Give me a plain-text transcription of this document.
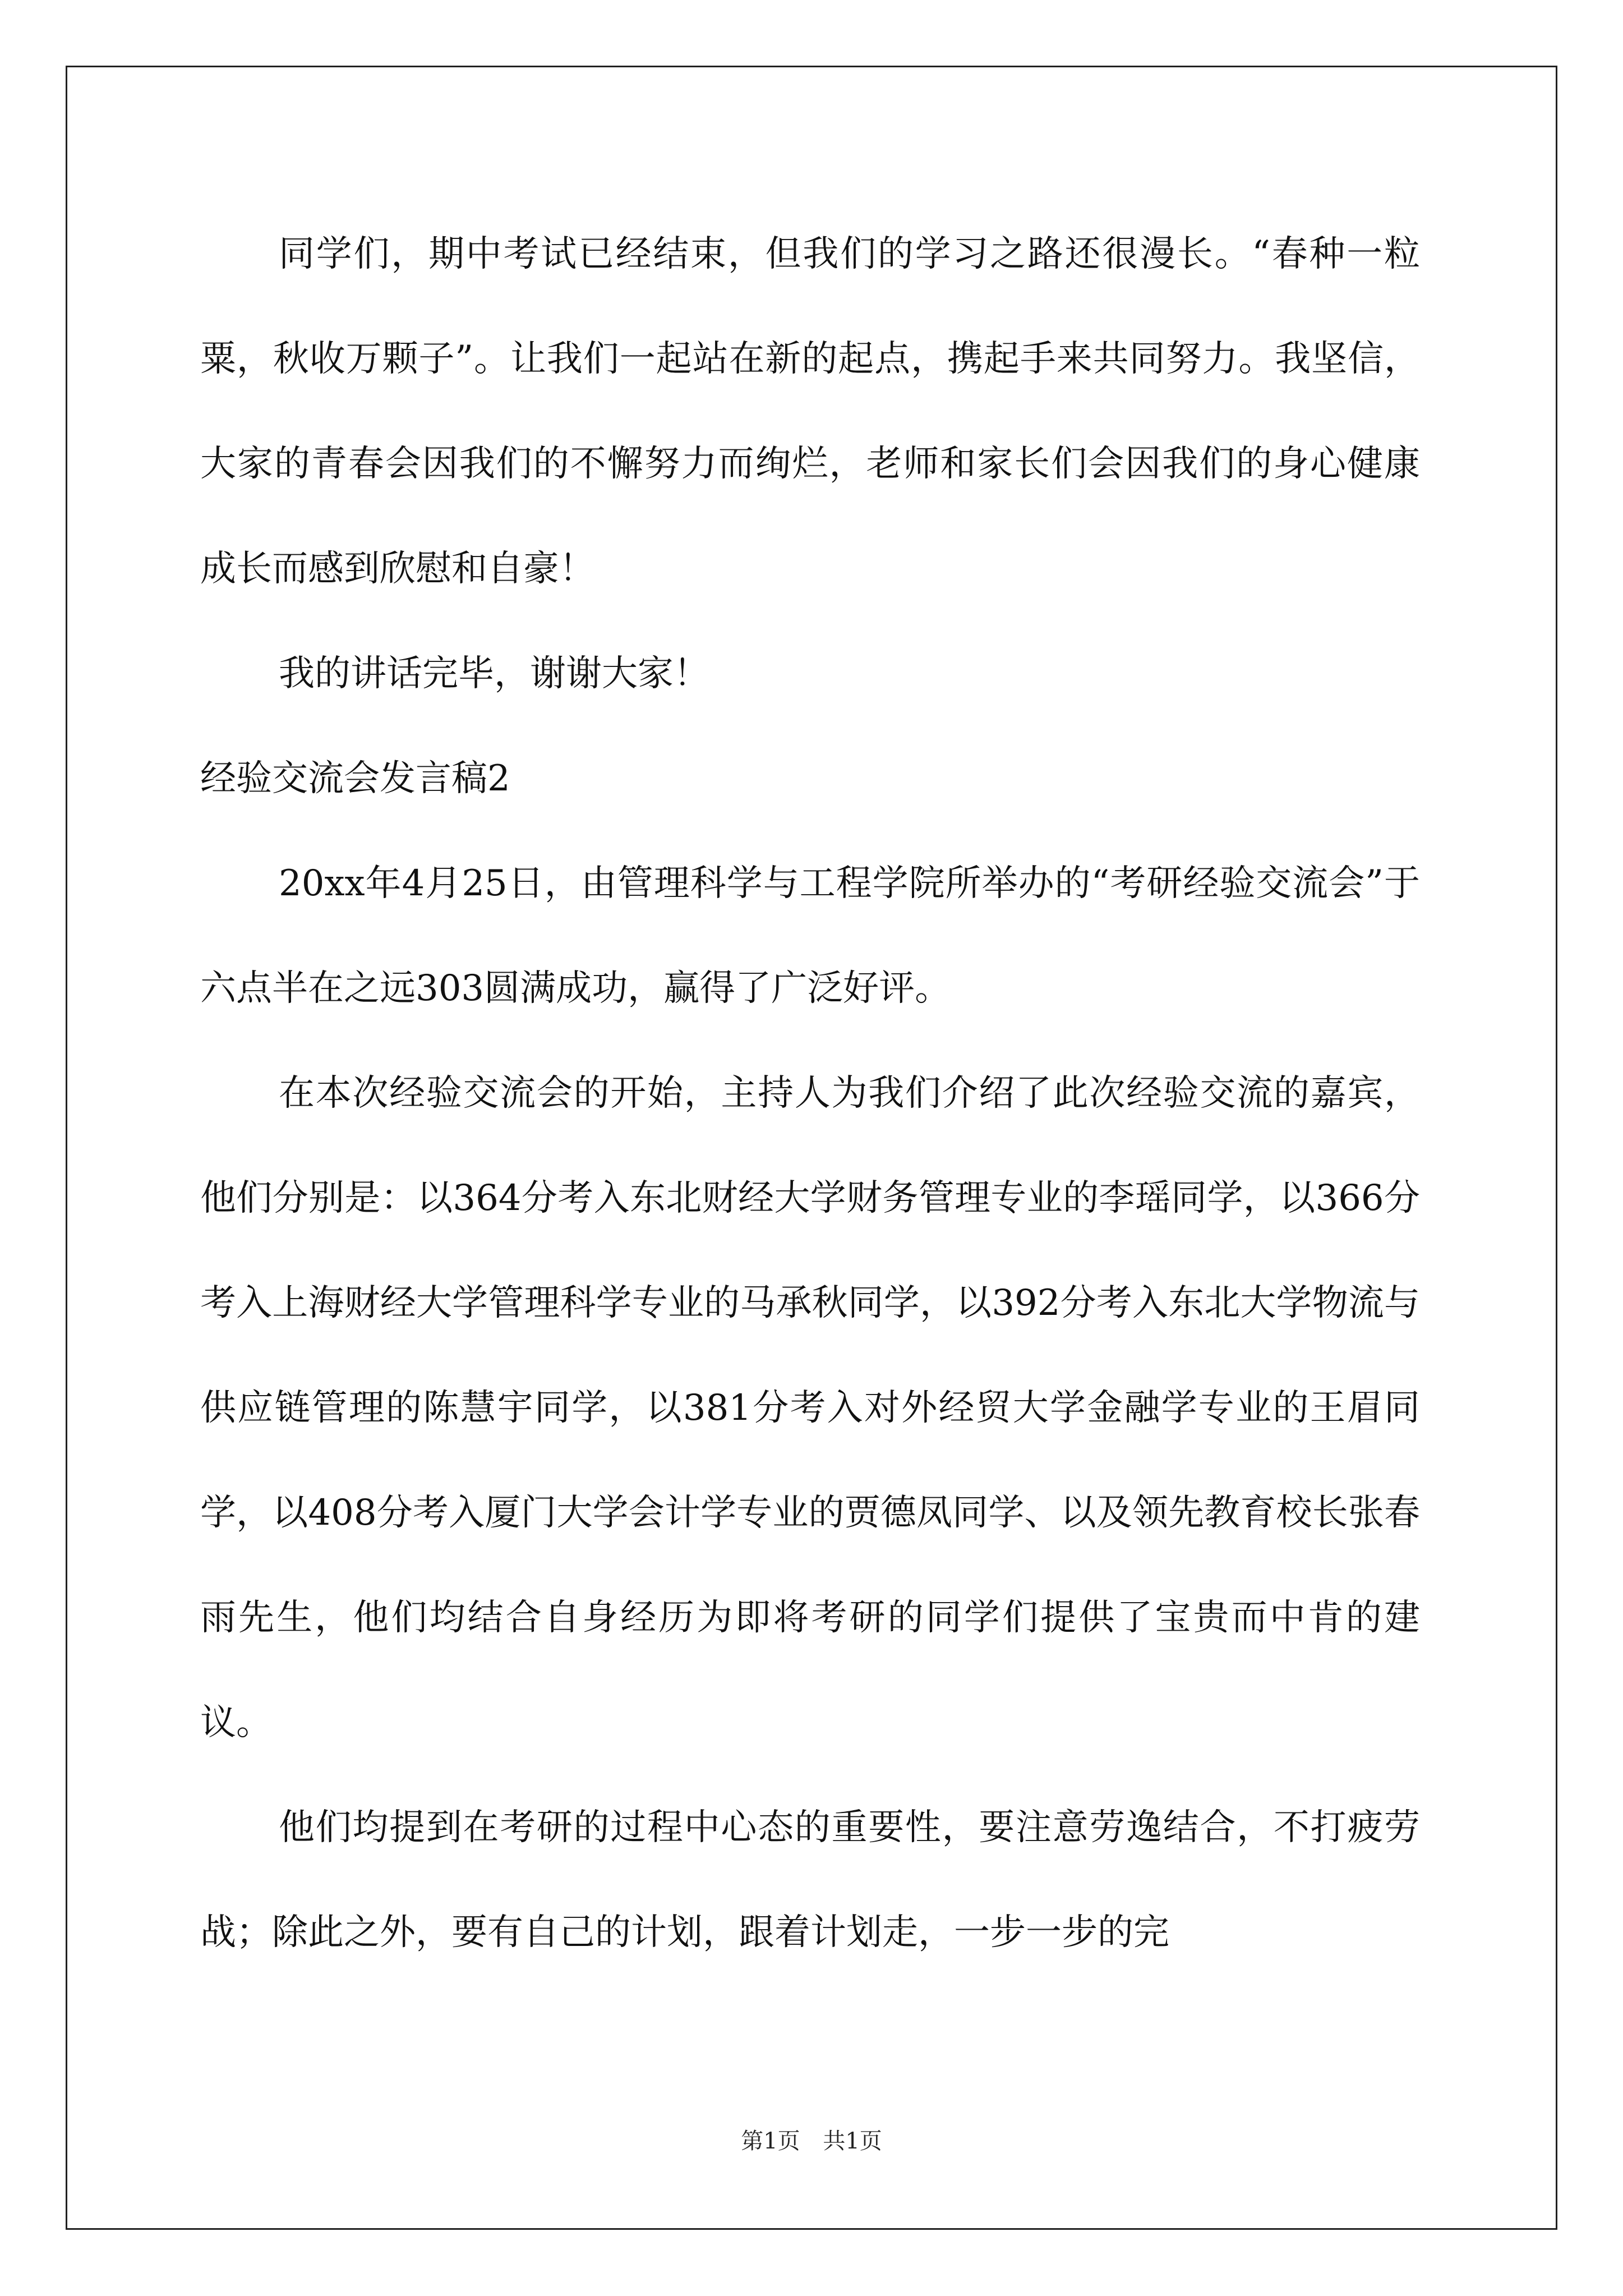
同学们，期中考试已经结束，但我们的学习之路还很漫长。“春种一粒粟，秋收万颗子”。让我们一起站在新的起点，携起手来共同努力。我坚信，大家的青春会因我们的不懈努力而绚烂，老师和家长们会因我们的身心健康成长而感到欣慰和自豪！

我的讲话完毕，谢谢大家！

经验交流会发言稿2

20xx年4月25日，由管理科学与工程学院所举办的“考研经验交流会”于六点半在之远303圆满成功，赢得了广泛好评。

在本次经验交流会的开始，主持人为我们介绍了此次经验交流的嘉宾，他们分别是：以364分考入东北财经大学财务管理专业的李瑶同学，以366分考入上海财经大学管理科学专业的马承秋同学，以392分考入东北大学物流与供应链管理的陈慧宇同学，以381分考入对外经贸大学金融学专业的王眉同学，以408分考入厦门大学会计学专业的贾德凤同学、以及领先教育校长张春雨先生，他们均结合自身经历为即将考研的同学们提供了宝贵而中肯的建议。

他们均提到在考研的过程中心态的重要性，要注意劳逸结合，不打疲劳战；除此之外，要有自己的计划，跟着计划走，一步一步的完

第1页 共1页
